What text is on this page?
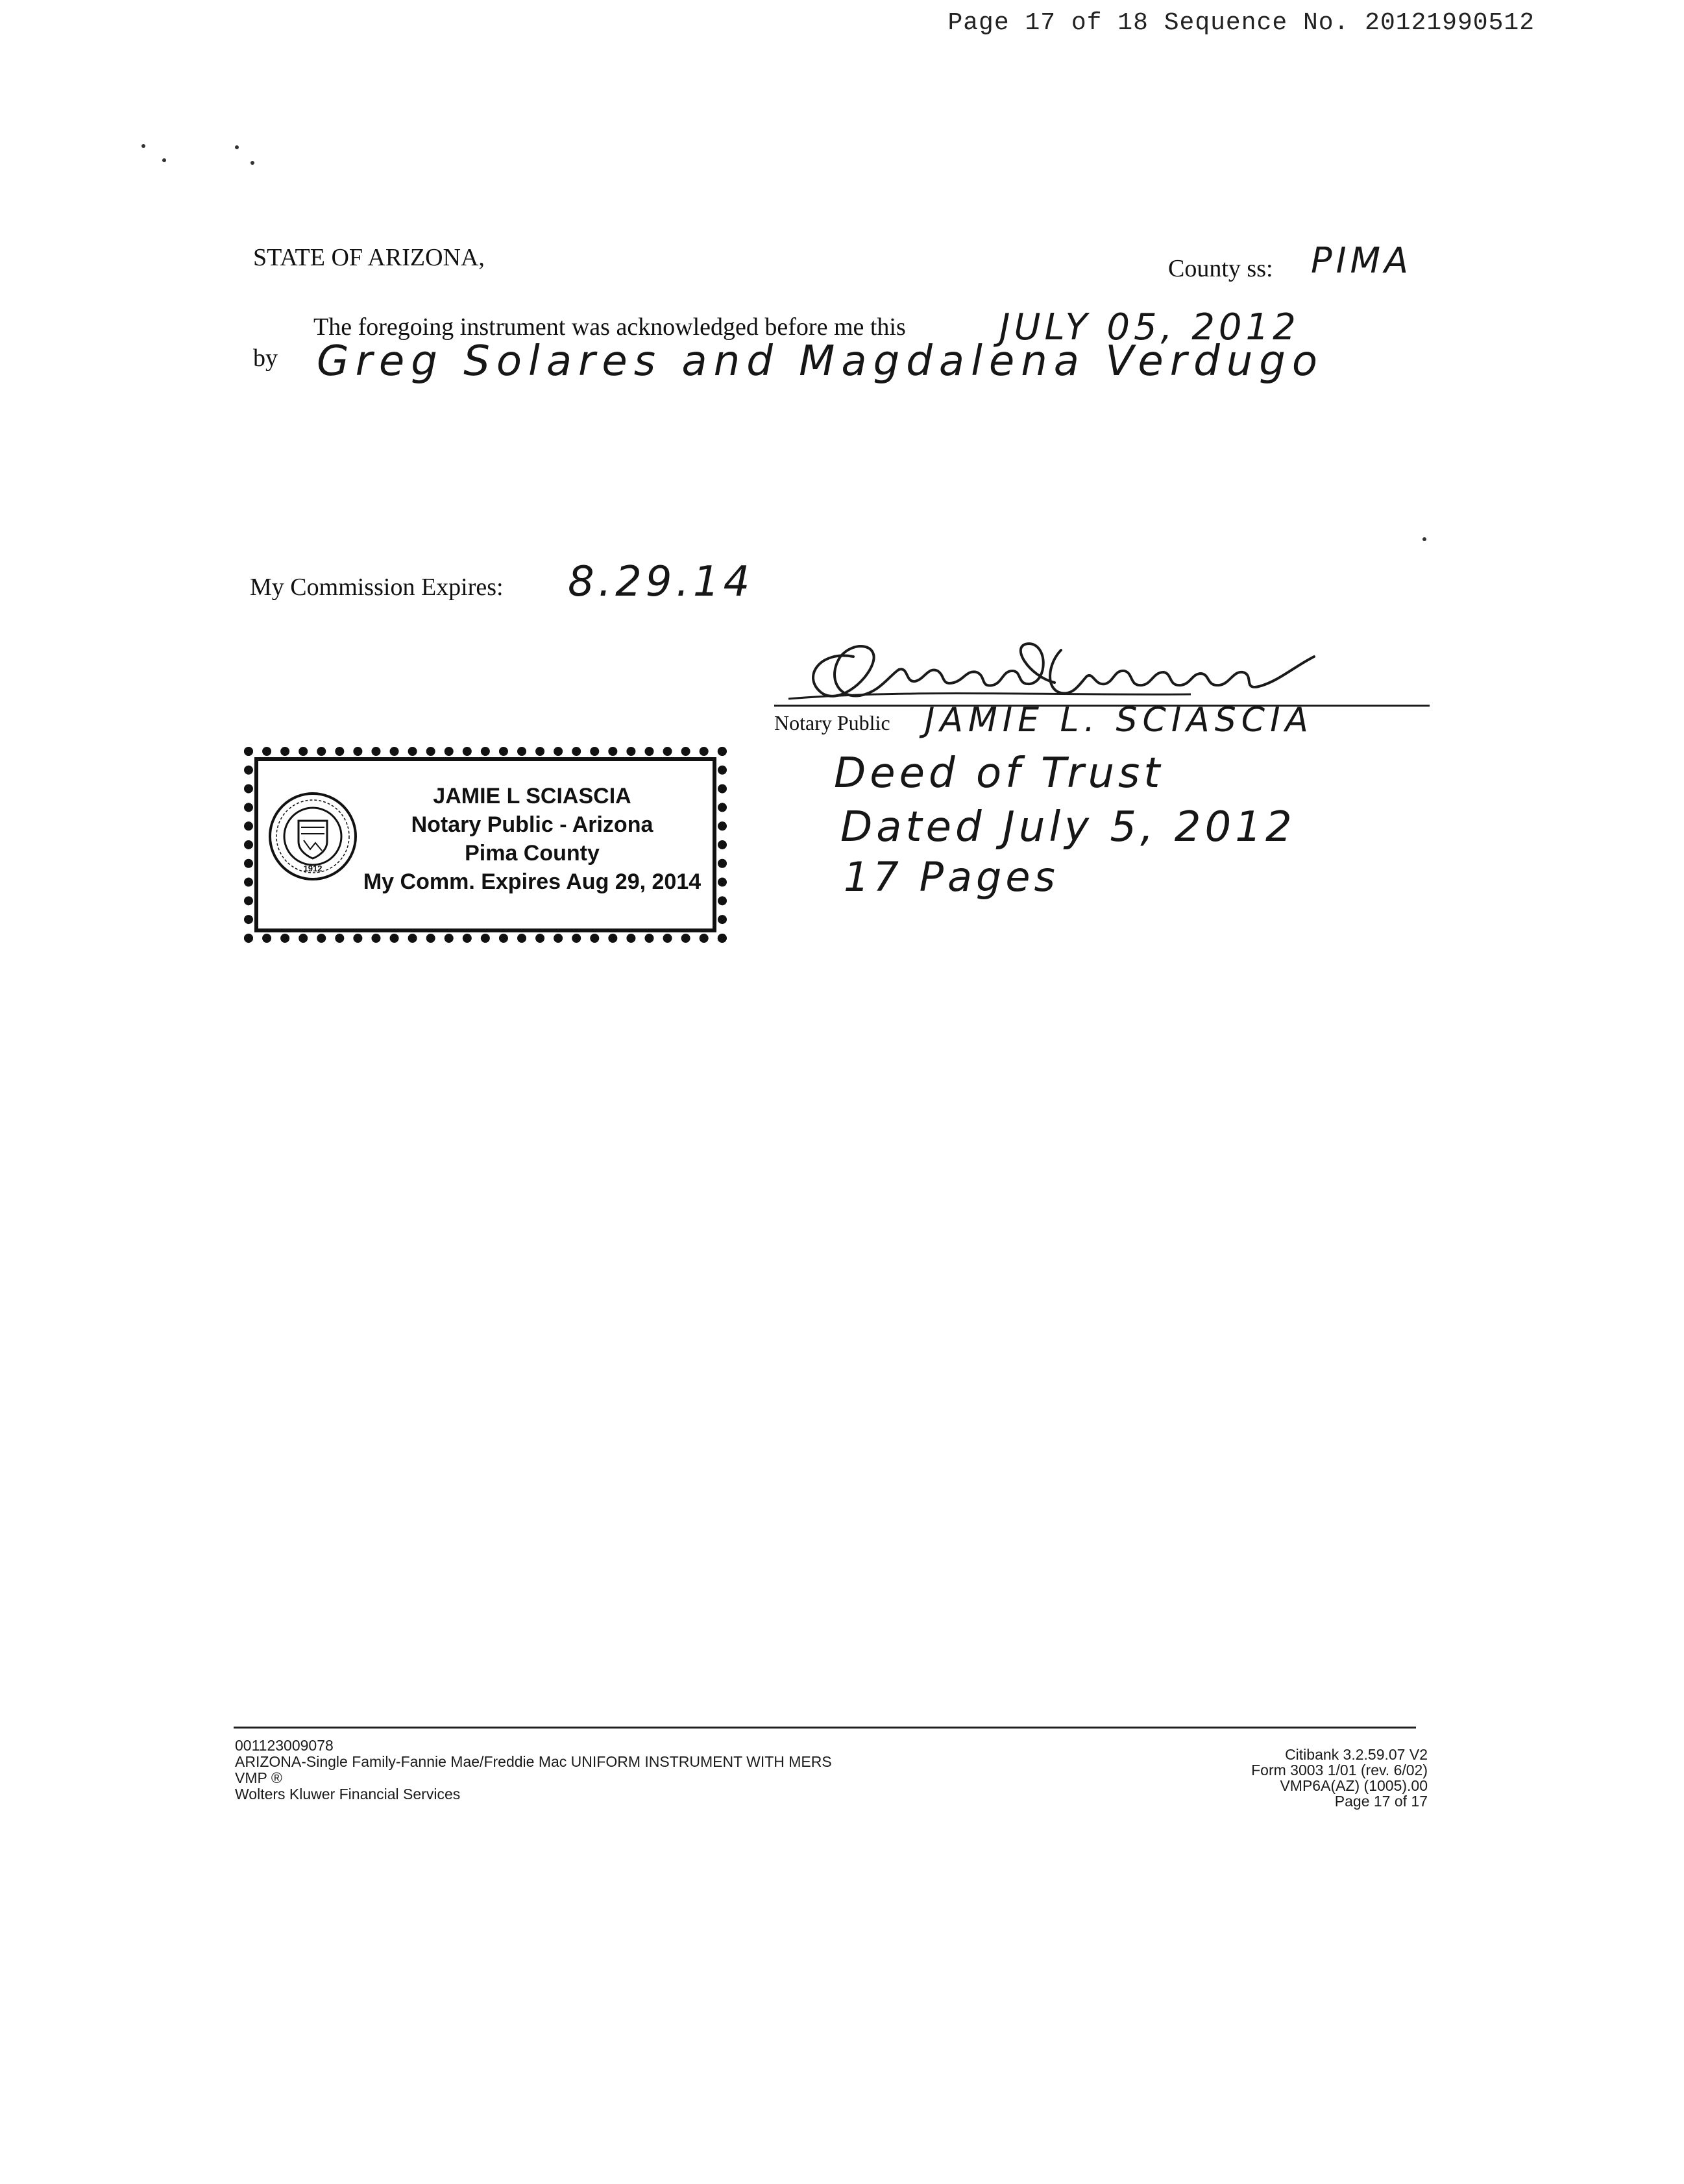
Page 17 of 18 Sequence No. 20121990512
STATE OF ARIZONA,	County ss: PIMA
The foregoing instrument was acknowledged before me this	JULY 05, 2012
by Greg Solares and Magdalena Verdugo
My Commission Expires: 8.29.14
Notary Public JAMIE L. SCIASCIA
Deed of Trust
Dated July 5, 2012
17 Pages
1912
JAMIE L SCIASCIA
Notary Public - Arizona
Pima County
My Comm. Expires Aug 29, 2014
001123009078
ARIZONA-Single Family-Fannie Mae/Freddie Mac UNIFORM INSTRUMENT WITH MERS
VMP ®
Wolters Kluwer Financial Services
Citibank 3.2.59.07 V2
Form 3003 1/01 (rev. 6/02)
VMP6A(AZ) (1005).00
Page 17 of 17
